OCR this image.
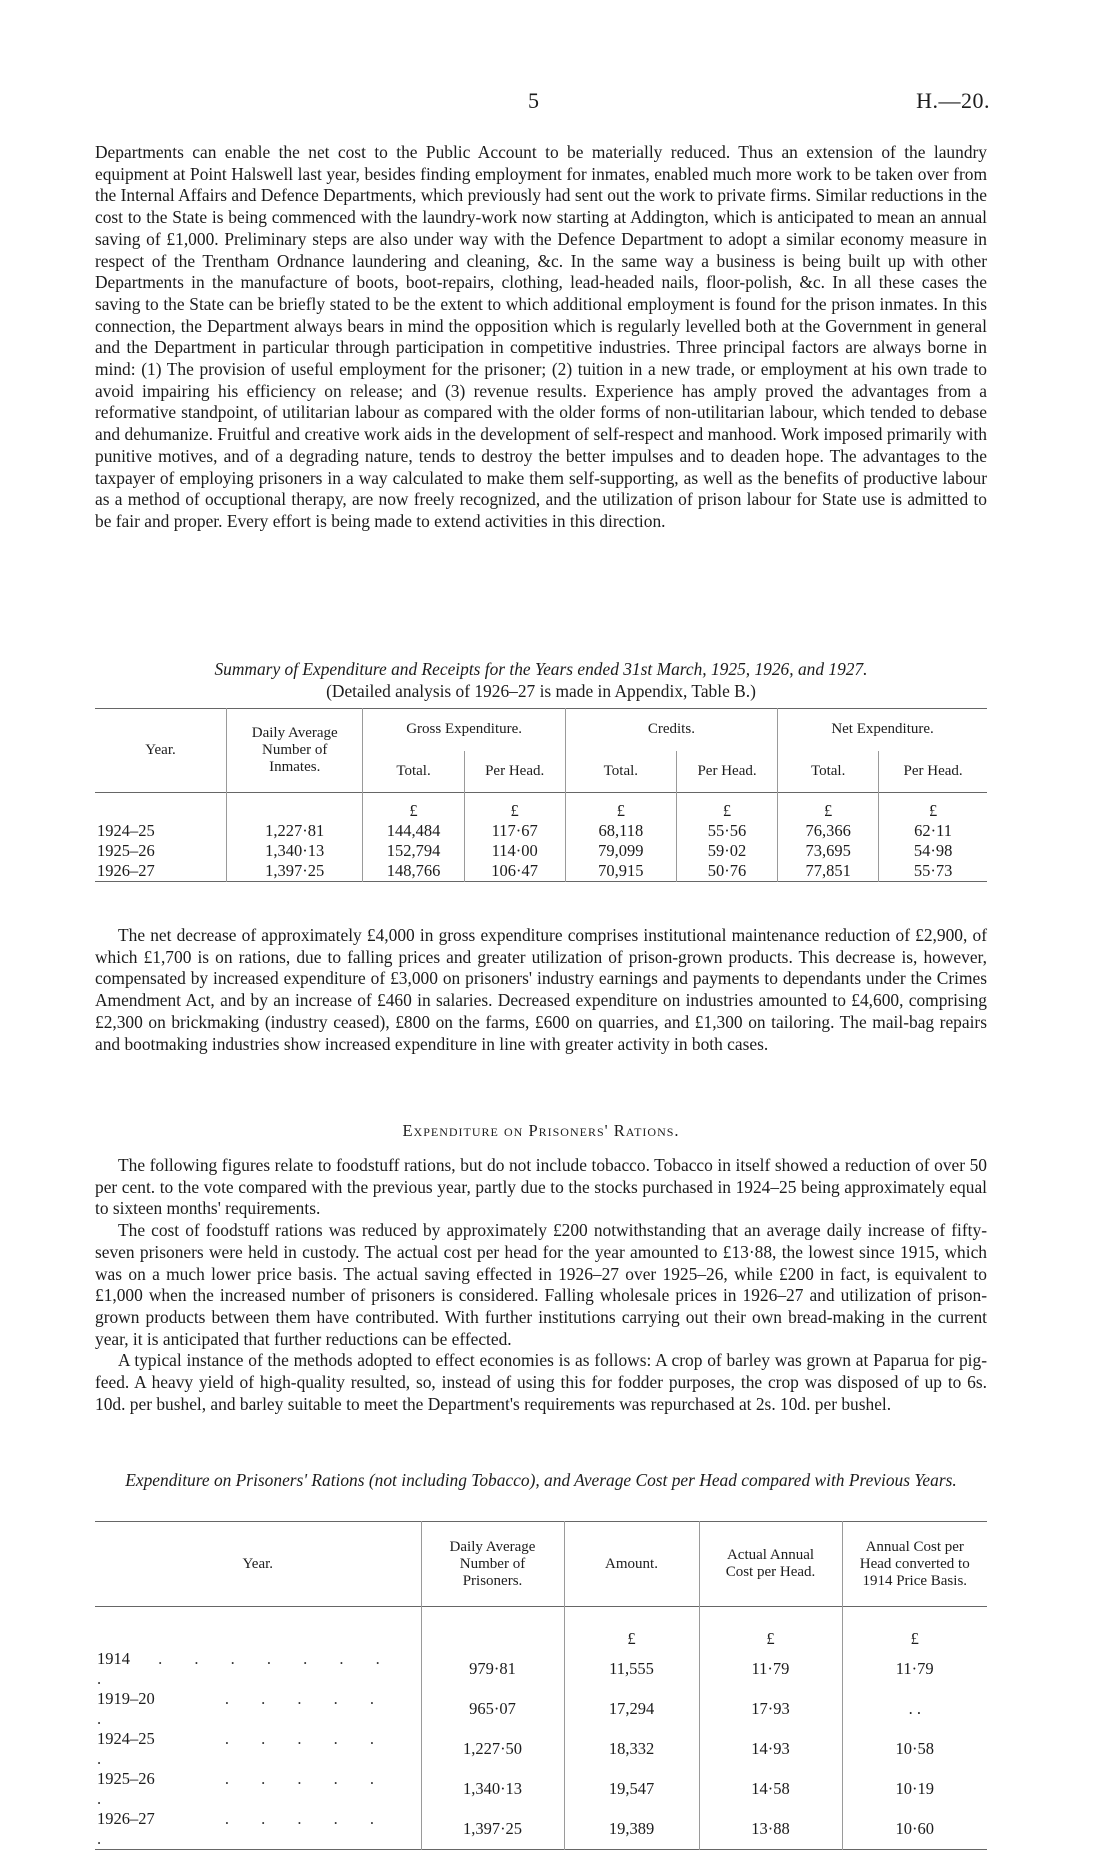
5	H.—20.

Departments can enable the net cost to the Public Account to be materially reduced. Thus an extension of the laundry equipment at Point Halswell last year, besides finding employment for inmates, enabled much more work to be taken over from the Internal Affairs and Defence Departments, which previously had sent out the work to private firms. Similar reductions in the cost to the State is being commenced with the laundry-work now starting at Addington, which is anticipated to mean an annual saving of £1,000. Preliminary steps are also under way with the Defence Department to adopt a similar economy measure in respect of the Trentham Ordnance laundering and cleaning, &c. In the same way a business is being built up with other Departments in the manufacture of boots, boot-repairs, clothing, lead-headed nails, floor-polish, &c. In all these cases the saving to the State can be briefly stated to be the extent to which additional employment is found for the prison inmates. In this connection, the Department always bears in mind the opposition which is regularly levelled both at the Government in general and the Department in particular through participation in competitive industries. Three principal factors are always borne in mind: (1) The provision of useful employment for the prisoner; (2) tuition in a new trade, or employment at his own trade to avoid impairing his efficiency on release; and (3) revenue results. Experience has amply proved the advantages from a reformative standpoint, of utilitarian labour as compared with the older forms of non-utilitarian labour, which tended to debase and dehumanize. Fruitful and creative work aids in the development of self-respect and manhood. Work imposed primarily with punitive motives, and of a degrading nature, tends to destroy the better impulses and to deaden hope. The advantages to the taxpayer of employing prisoners in a way calculated to make them self-supporting, as well as the benefits of productive labour as a method of occuptional therapy, are now freely recognized, and the utilization of prison labour for State use is admitted to be fair and proper. Every effort is being made to extend activities in this direction.

Summary of Expenditure and Receipts for the Years ended 31st March, 1925, 1926, and 1927.
(Detailed analysis of 1926–27 is made in Appendix, Table B.)
Year.	Daily Average Number of Inmates.	Gross Expenditure.		Credits.		Net Expenditure.	
		Total.	Per Head.	Total.	Per Head.	Total.	Per Head.
		£	£	£	£	£	£
1924–25	1,227·81	144,484	117·67	68,118	55·56	76,366	62·11
1925–26	1,340·13	152,794	114·00	79,099	59·02	73,695	54·98
1926–27	1,397·25	148,766	106·47	70,915	50·76	77,851	55·73

The net decrease of approximately £4,000 in gross expenditure comprises institutional maintenance reduction of £2,900, of which £1,700 is on rations, due to falling prices and greater utilization of prison-grown products. This decrease is, however, compensated by increased expenditure of £3,000 on prisoners' industry earnings and payments to dependants under the Crimes Amendment Act, and by an increase of £460 in salaries. Decreased expenditure on industries amounted to £4,600, comprising £2,300 on brickmaking (industry ceased), £800 on the farms, £600 on quarries, and £1,300 on tailoring. The mail-bag repairs and bootmaking industries show increased expenditure in line with greater activity in both cases.

Expenditure on Prisoners' Rations.

The following figures relate to foodstuff rations, but do not include tobacco. Tobacco in itself showed a reduction of over 50 per cent. to the vote compared with the previous year, partly due to the stocks purchased in 1924–25 being approximately equal to sixteen months' requirements.

The cost of foodstuff rations was reduced by approximately £200 notwithstanding that an average daily increase of fifty-seven prisoners were held in custody. The actual cost per head for the year amounted to £13·88, the lowest since 1915, which was on a much lower price basis. The actual saving effected in 1926–27 over 1925–26, while £200 in fact, is equivalent to £1,000 when the increased number of prisoners is considered. Falling wholesale prices in 1926–27 and utilization of prison-grown products between them have contributed. With further institutions carrying out their own bread-making in the current year, it is anticipated that further reductions can be effected.

A typical instance of the methods adopted to effect economies is as follows: A crop of barley was grown at Paparua for pig-feed. A heavy yield of high-quality resulted, so, instead of using this for fodder purposes, the crop was disposed of up to 6s. 10d. per bushel, and barley suitable to meet the Department's requirements was repurchased at 2s. 10d. per bushel.

Expenditure on Prisoners' Rations (not including Tobacco), and Average Cost per Head compared with Previous Years.
Year.	Daily Average Number of Prisoners.	Amount.	Actual Annual Cost per Head.	Annual Cost per Head converted to 1914 Price Basis.
		£	£	£
1914 . . . . . . . .	979·81	11,555	11·79	11·79
1919–20 . . . . . .	965·07	17,294	17·93	. .
1924–25 . . . . . .	1,227·50	18,332	14·93	10·58
1925–26 . . . . . .	1,340·13	19,547	14·58	10·19
1926–27 . . . . . .	1,397·25	19,389	13·88	10·60
